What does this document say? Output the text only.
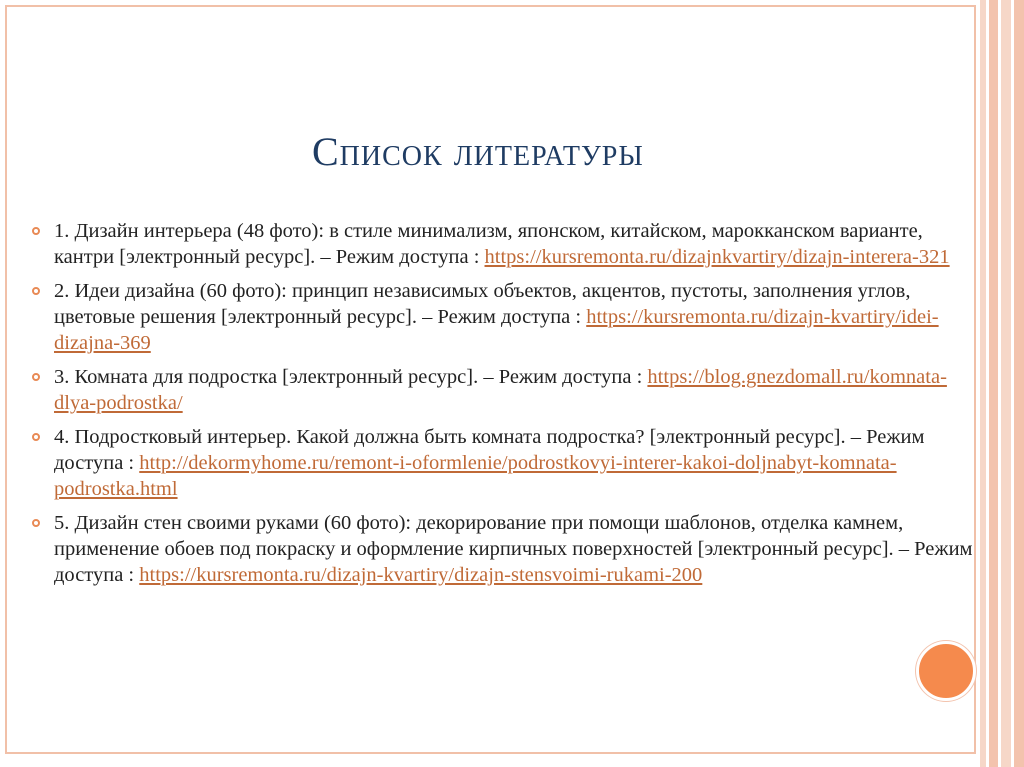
Список литературы
1. Дизайн интерьера (48 фото): в стиле минимализм, японском, китайском, марокканском варианте, кантри [электронный ресурс]. – Режим доступа : https://kursremonta.ru/dizajnkvartiry/dizajn-interera-321
2. Идеи дизайна (60 фото): принцип независимых объектов, акцентов, пустоты, заполнения углов, цветовые решения [электронный ресурс]. – Режим доступа : https://kursremonta.ru/dizajn-kvartiry/idei-dizajna-369
3. Комната для подростка [электронный ресурс]. – Режим доступа : https://blog.gnezdomall.ru/komnata-dlya-podrostka/
4. Подростковый интерьер. Какой должна быть комната подростка? [электронный ресурс]. – Режим доступа : http://dekormyhome.ru/remont-i-oformlenie/podrostkovyi-interer-kakoi-doljnabyt-komnata-podrostka.html
5. Дизайн стен своими руками (60 фото): декорирование при помощи шаблонов, отделка камнем, применение обоев под покраску и оформление кирпичных поверхностей [электронный ресурс]. – Режим доступа : https://kursremonta.ru/dizajn-kvartiry/dizajn-stensvoimi-rukami-200
